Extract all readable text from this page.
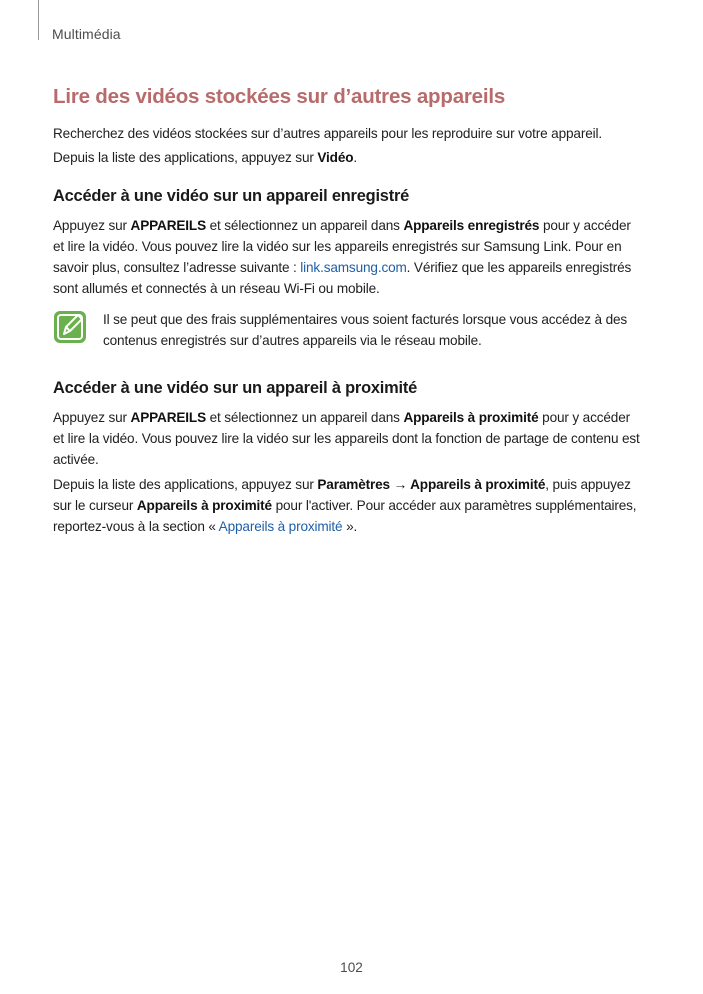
Multimédia
Lire des vidéos stockées sur d’autres appareils

Recherchez des vidéos stockées sur d’autres appareils pour les reproduire sur votre appareil.

Depuis la liste des applications, appuyez sur Vidéo.

Accéder à une vidéo sur un appareil enregistré

Appuyez sur APPAREILS et sélectionnez un appareil dans Appareils enregistrés pour y accéder et lire la vidéo. Vous pouvez lire la vidéo sur les appareils enregistrés sur Samsung Link. Pour en savoir plus, consultez l’adresse suivante : link.samsung.com. Vérifiez que les appareils enregistrés sont allumés et connectés à un réseau Wi-Fi ou mobile.

Il se peut que des frais supplémentaires vous soient facturés lorsque vous accédez à des contenus enregistrés sur d’autres appareils via le réseau mobile.
Accéder à une vidéo sur un appareil à proximité

Appuyez sur APPAREILS et sélectionnez un appareil dans Appareils à proximité pour y accéder et lire la vidéo. Vous pouvez lire la vidéo sur les appareils dont la fonction de partage de contenu est activée.

Depuis la liste des applications, appuyez sur Paramètres → Appareils à proximité, puis appuyez sur le curseur Appareils à proximité pour l'activer. Pour accéder aux paramètres supplémentaires, reportez-vous à la section « Appareils à proximité ».

102
